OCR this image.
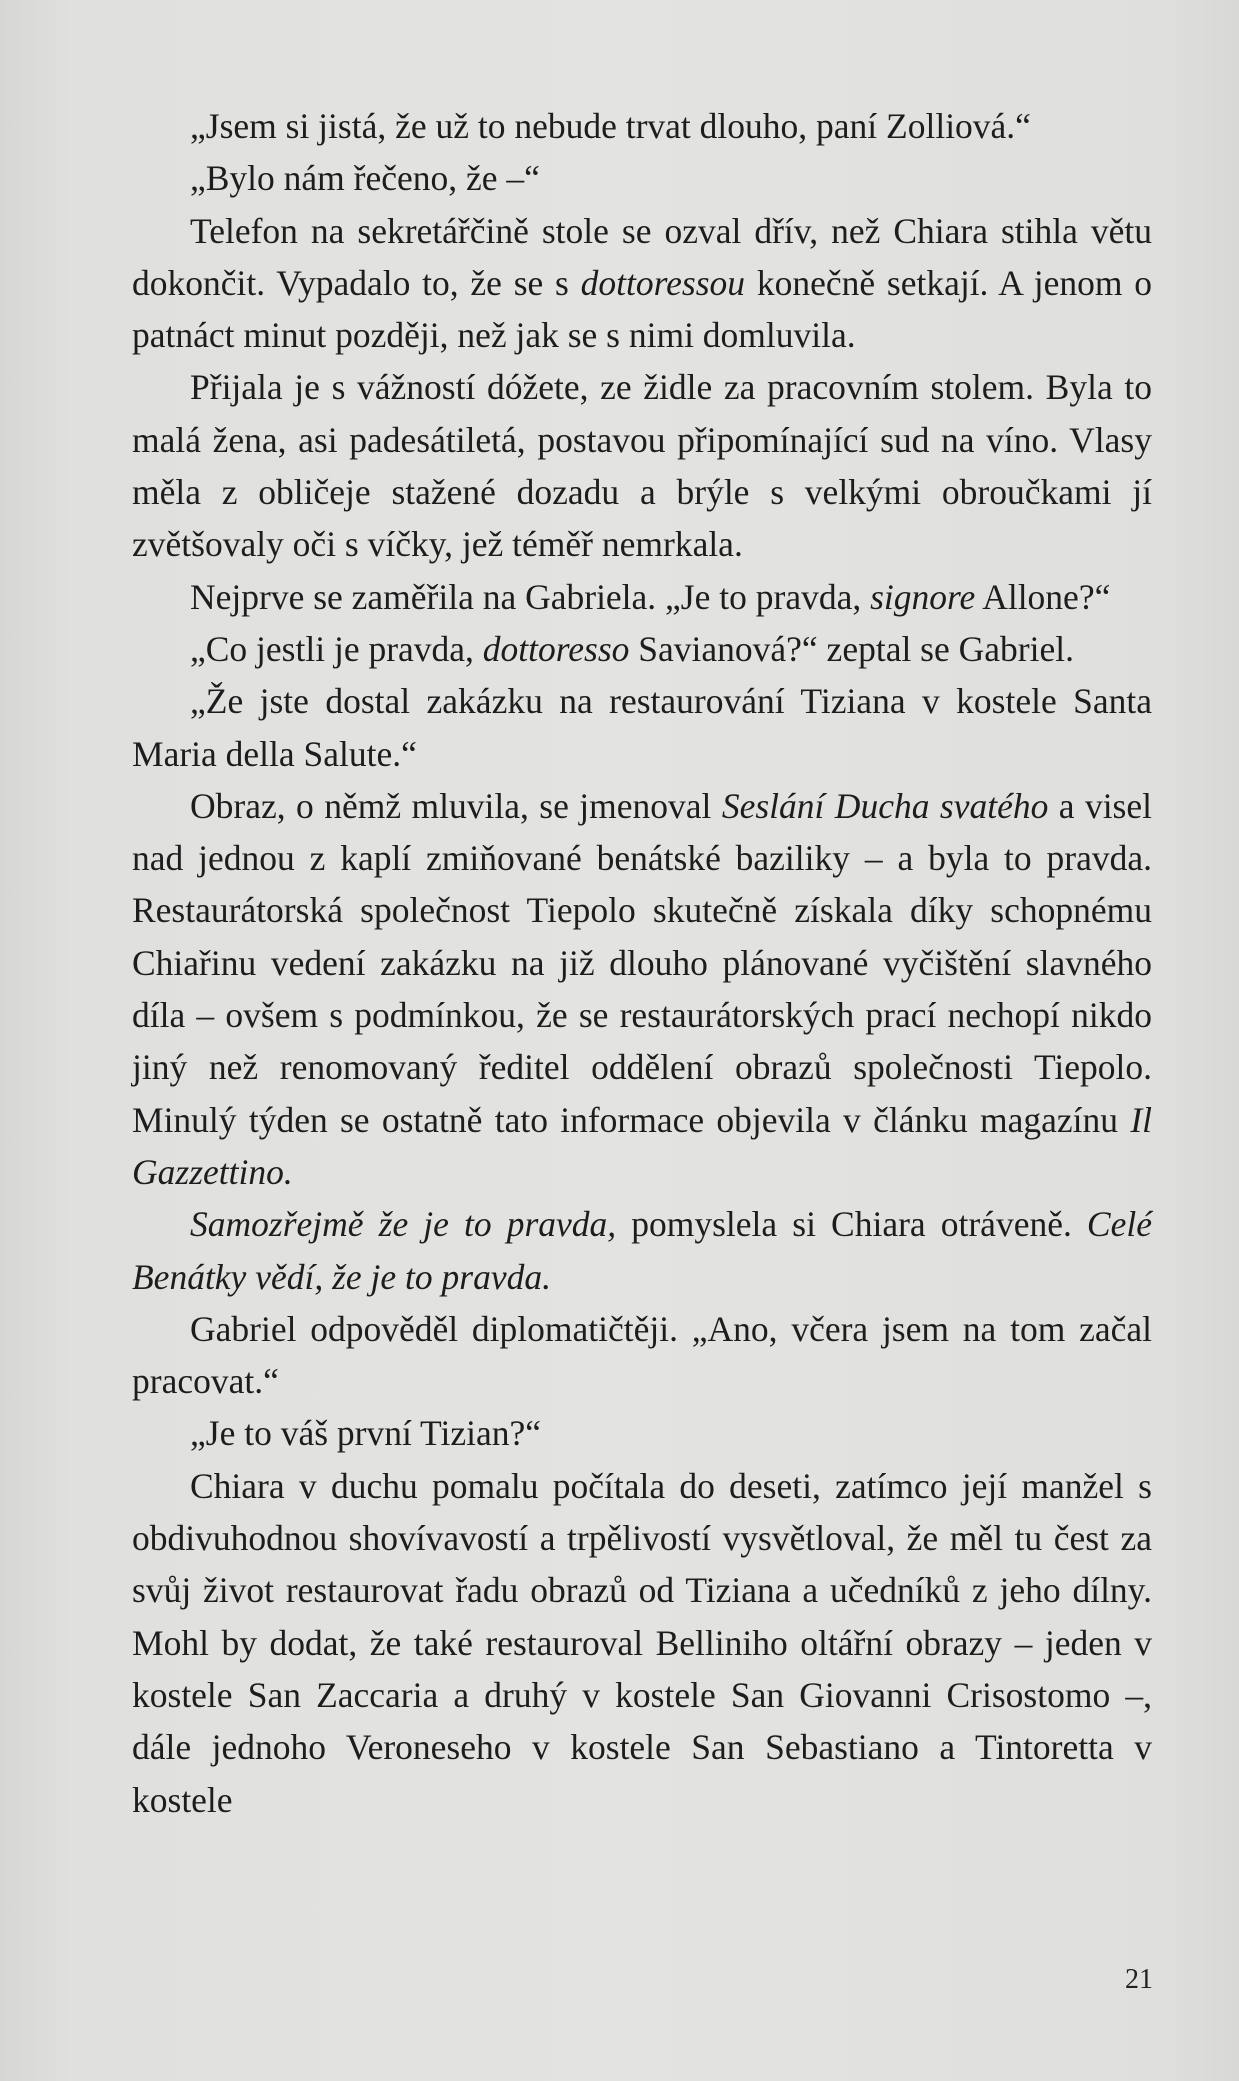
„Jsem si jistá, že už to nebude trvat dlouho, paní Zolliová.“

„Bylo nám řečeno, že –“

Telefon na sekretářčině stole se ozval dřív, než Chiara stihla větu dokončit. Vypadalo to, že se s dottoressou konečně setkají. A jenom o patnáct minut později, než jak se s nimi domluvila.

Přijala je s vážností dóžete, ze židle za pracovním stolem. Byla to malá žena, asi padesátiletá, postavou připomínající sud na víno. Vlasy měla z obličeje stažené dozadu a brýle s velkými obroučkami jí zvětšovaly oči s víčky, jež téměř nemrkala.

Nejprve se zaměřila na Gabriela. „Je to pravda, signore Allone?“

„Co jestli je pravda, dottoresso Savianová?“ zeptal se Gabriel.

„Že jste dostal zakázku na restaurování Tiziana v kostele Santa Maria della Salute.“

Obraz, o němž mluvila, se jmenoval Seslání Ducha svatého a visel nad jednou z kaplí zmiňované benátské baziliky – a byla to pravda. Restaurátorská společnost Tiepolo skutečně získala díky schopnému Chiařinu vedení zakázku na již dlouho plánované vyčištění slavného díla – ovšem s podmínkou, že se restaurátorských prací nechopí nikdo jiný než renomovaný ředitel oddělení obrazů společnosti Tiepolo. Minulý týden se ostatně tato informace objevila v článku magazínu Il Gazzettino.

Samozřejmě že je to pravda, pomyslela si Chiara otráveně. Celé Benátky vědí, že je to pravda.

Gabriel odpověděl diplomatičtěji. „Ano, včera jsem na tom začal pracovat.“

„Je to váš první Tizian?“

Chiara v duchu pomalu počítala do deseti, zatímco její manžel s obdivuhodnou shovívavostí a trpělivostí vysvětloval, že měl tu čest za svůj život restaurovat řadu obrazů od Tiziana a učedníků z jeho dílny. Mohl by dodat, že také restauroval Belliniho oltářní obrazy – jeden v kostele San Zaccaria a druhý v kostele San Giovanni Crisostomo –, dále jednoho Veroneseho v kostele San Sebastiano a Tintoretta v kostele

21
